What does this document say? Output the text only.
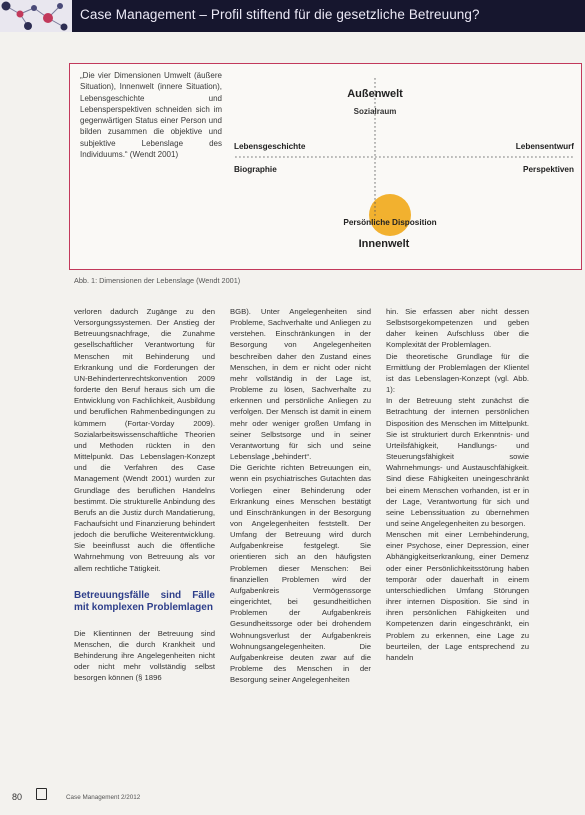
Case Management – Profil stiftend für die gesetzliche Betreuung?
„Die vier Dimensionen Umwelt (äußere Situation), Innenwelt (innere Situation), Lebensgeschichte und Lebensperspektiven schneiden sich im gegenwärtigen Status einer Person und bilden zusammen die objektive und subjektive Lebenslage des Individuums.“ (Wendt 2001)
Außenwelt
Sozialraum
Lebensgeschichte
Biographie
Lebensentwurf
Perspektiven
Persönliche Disposition
Innenwelt
Abb. 1: Dimensionen der Lebenslage (Wendt 2001)

verloren dadurch Zugänge zu den Versorgungssystemen. Der Anstieg der Betreuungsnachfrage, die Zunahme gesellschaftlicher Verantwortung für Menschen mit Behinderung und Erkrankung und die Forderungen der UN-Behindertenrechtskonvention 2009 forderte den Beruf heraus sich um die Entwicklung von Fachlichkeit, Ausbildung und beruflichen Rahmenbedingungen zu kümmern (Fortar-Vorday 2009). Sozialarbeitswissenschaftliche Theorien und Methoden rückten in den Mittelpunkt. Das Lebenslagen-Konzept und die Verfahren des Case Management (Wendt 2001) wurden zur Grundlage des beruflichen Handelns bestimmt. Die strukturelle Anbindung des Berufs an die Justiz durch Mandatierung, Fachaufsicht und Finanzierung behindert jedoch die berufliche Weiterentwicklung. Sie beeinflusst auch die öffentliche Wahrnehmung von Betreuung als vor allem rechtliche Tätigkeit.

Betreuungsfälle sind Fälle mit komplexen Problemlagen

Die Klientinnen der Betreuung sind Menschen, die durch Krankheit und Behinderung ihre Angelegenheiten nicht oder nicht mehr vollständig selbst besorgen können (§ 1896

BGB). Unter Angelegenheiten sind Probleme, Sachverhalte und Anliegen zu verstehen. Einschränkungen in der Besorgung von Angelegenheiten beschreiben daher den Zustand eines Menschen, in dem er nicht oder nicht mehr vollständig in der Lage ist, Probleme zu lösen, Sachverhalte zu erkennen und persönliche Anliegen zu verfolgen. Der Mensch ist damit in einem mehr oder weniger großen Umfang in seiner Selbstsorge und in seiner Verantwortung für sich und seine Lebenslage „behindert“.

Die Gerichte richten Betreuungen ein, wenn ein psychiatrisches Gutachten das Vorliegen einer Behinderung oder Erkrankung eines Menschen bestätigt und Einschränkungen in der Besorgung von Angelegenheiten feststellt. Der Umfang der Betreuung wird durch Aufgabenkreise festgelegt. Sie orientieren sich an den häufigsten Problemen dieser Menschen: Bei finanziellen Problemen wird der Aufgabenkreis Vermögenssorge eingerichtet, bei gesundheitlichen Problemen der Aufgabenkreis Gesundheitssorge oder bei drohendem Wohnungsverlust der Aufgabenkreis Wohnungsangelegenheiten. Die Aufgabenkreise deuten zwar auf die Probleme des Menschen in der Besorgung seiner Angelegenheiten

hin. Sie erfassen aber nicht dessen Selbstsorgekompetenzen und geben daher keinen Aufschluss über die Komplexität der Problemlagen.

Die theoretische Grundlage für die Ermittlung der Problemlagen der Klientel ist das Lebenslagen-Konzept (vgl. Abb. 1):

In der Betreuung steht zunächst die Betrachtung der internen persönlichen Disposition des Menschen im Mittelpunkt. Sie ist strukturiert durch Erkenntnis- und Urteilsfähigkeit, Handlungs- und Steuerungsfähigkeit sowie Wahrnehmungs- und Austauschfähigkeit. Sind diese Fähigkeiten uneingeschränkt bei einem Menschen vorhanden, ist er in der Lage, Verantwortung für sich und seine Lebenssituation zu übernehmen und seine Angelegenheiten zu besorgen.

Menschen mit einer Lernbehinderung, einer Psychose, einer Depression, einer Abhängigkeitserkrankung, einer Demenz oder einer Persönlichkeitsstörung haben temporär oder dauerhaft in einem unterschiedlichen Umfang Störungen ihrer internen Disposition. Sie sind in ihren persönlichen Fähigkeiten und Kompetenzen darin eingeschränkt, ein Problem zu erkennen, eine Lage zu beurteilen, der Lage entsprechend zu handeln

80	Case Management 2/2012
